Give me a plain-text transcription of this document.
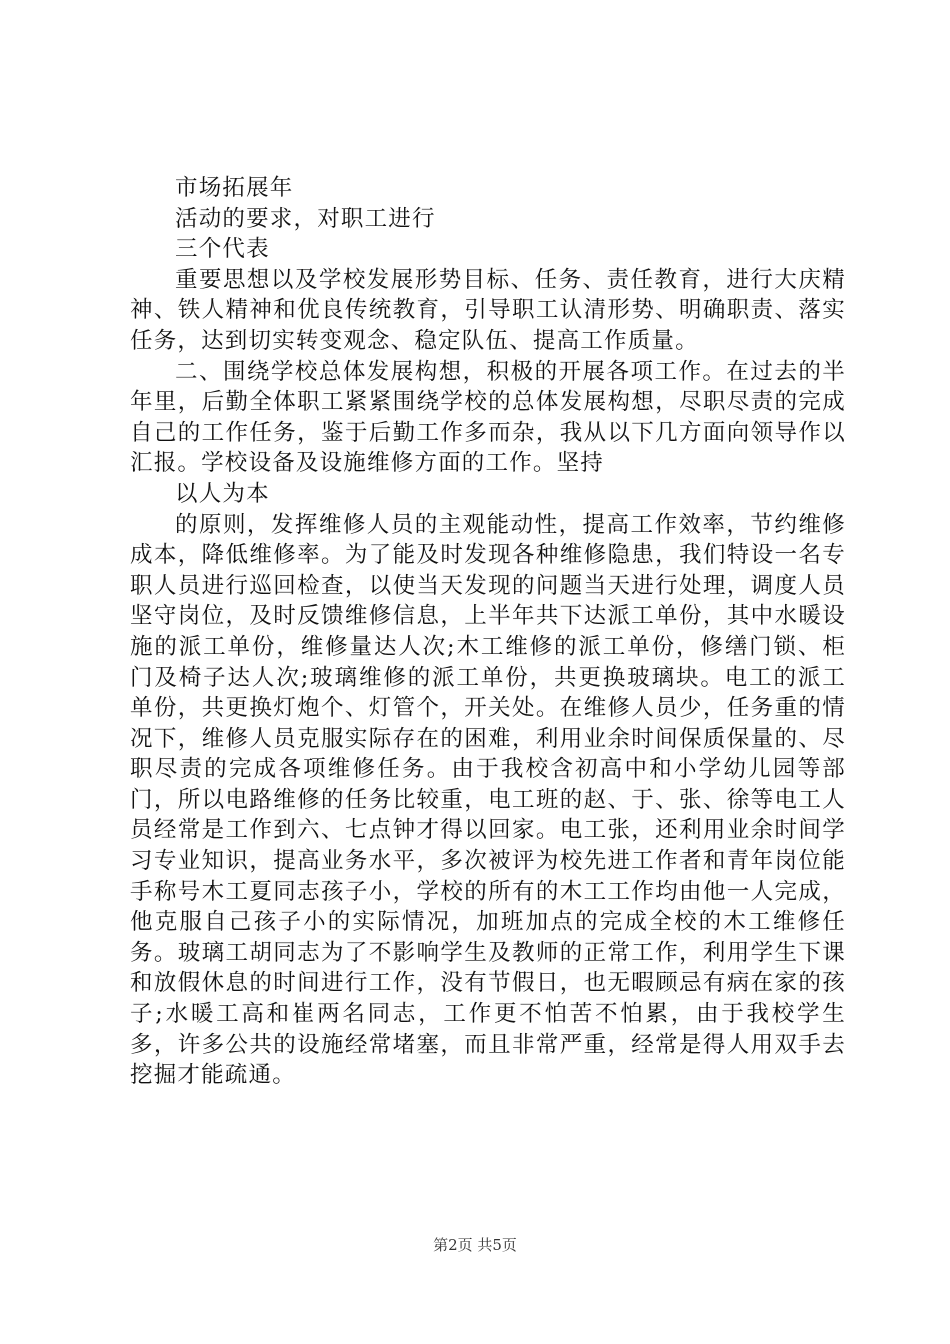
市场拓展年

活动的要求，对职工进行

三个代表

重要思想以及学校发展形势目标、任务、责任教育，进行大庆精神、铁人精神和优良传统教育，引导职工认清形势、明确职责、落实任务，达到切实转变观念、稳定队伍、提高工作质量。

二、围绕学校总体发展构想，积极的开展各项工作。在过去的半年里，后勤全体职工紧紧围绕学校的总体发展构想，尽职尽责的完成自己的工作任务，鉴于后勤工作多而杂，我从以下几方面向领导作以汇报。学校设备及设施维修方面的工作。坚持

以人为本

的原则，发挥维修人员的主观能动性，提高工作效率，节约维修成本，降低维修率。为了能及时发现各种维修隐患，我们特设一名专职人员进行巡回检查，以使当天发现的问题当天进行处理，调度人员坚守岗位，及时反馈维修信息，上半年共下达派工单份，其中水暖设施的派工单份，维修量达人次;木工维修的派工单份，修缮门锁、柜门及椅子达人次;玻璃维修的派工单份，共更换玻璃块。电工的派工单份，共更换灯炮个、灯管个，开关处。在维修人员少，任务重的情况下，维修人员克服实际存在的困难，利用业余时间保质保量的、尽职尽责的完成各项维修任务。由于我校含初高中和小学幼儿园等部门，所以电路维修的任务比较重，电工班的赵、于、张、徐等电工人员经常是工作到六、七点钟才得以回家。电工张，还利用业余时间学习专业知识，提高业务水平，多次被评为校先进工作者和青年岗位能手称号木工夏同志孩子小，学校的所有的木工工作均由他一人完成，他克服自己孩子小的实际情况，加班加点的完成全校的木工维修任务。玻璃工胡同志为了不影响学生及教师的正常工作，利用学生下课和放假休息的时间进行工作，没有节假日，也无暇顾忌有病在家的孩子;水暖工高和崔两名同志，工作更不怕苦不怕累，由于我校学生多，许多公共的设施经常堵塞，而且非常严重，经常是得人用双手去挖掘才能疏通。

第2页 共5页
